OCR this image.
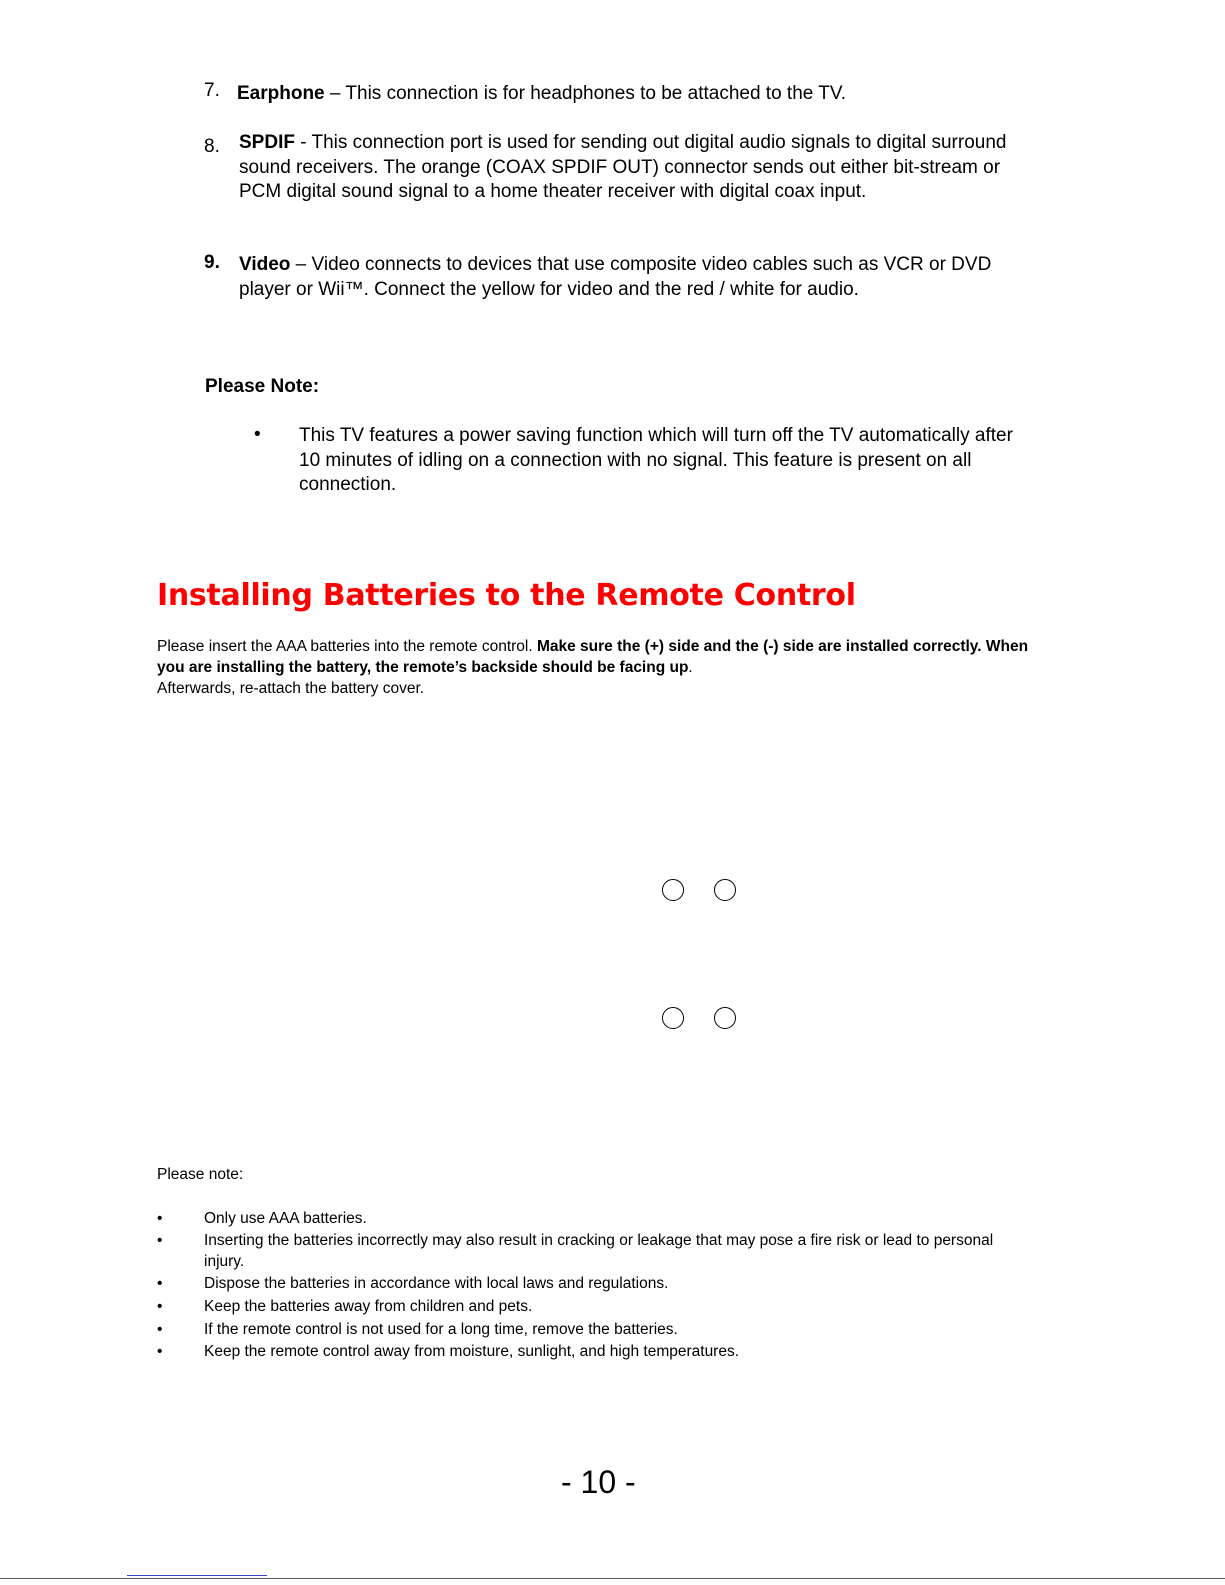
7. Earphone – This connection is for headphones to be attached to the TV.
8. SPDIF - This connection port is used for sending out digital audio signals to digital surround sound receivers. The orange (COAX SPDIF OUT) connector sends out either bit-stream or PCM digital sound signal to a home theater receiver with digital coax input.
9. Video – Video connects to devices that use composite video cables such as VCR or DVD player or Wii™. Connect the yellow for video and the red / white for audio.
Please Note:
• This TV features a power saving function which will turn off the TV automatically after 10 minutes of idling on a connection with no signal. This feature is present on all connection.
Installing Batteries to the Remote Control
Please insert the AAA batteries into the remote control. Make sure the (+) side and the (-) side are installed correctly. When you are installing the battery, the remote’s backside should be facing up.
Afterwards, re-attach the battery cover.
Please note:
•	Only use AAA batteries.
•	Inserting the batteries incorrectly may also result in cracking or leakage that may pose a fire risk or lead to personal injury.
•	Dispose the batteries in accordance with local laws and regulations.
•	Keep the batteries away from children and pets.
•	If the remote control is not used for a long time, remove the batteries.
•	Keep the remote control away from moisture, sunlight, and high temperatures.
- 10 -
